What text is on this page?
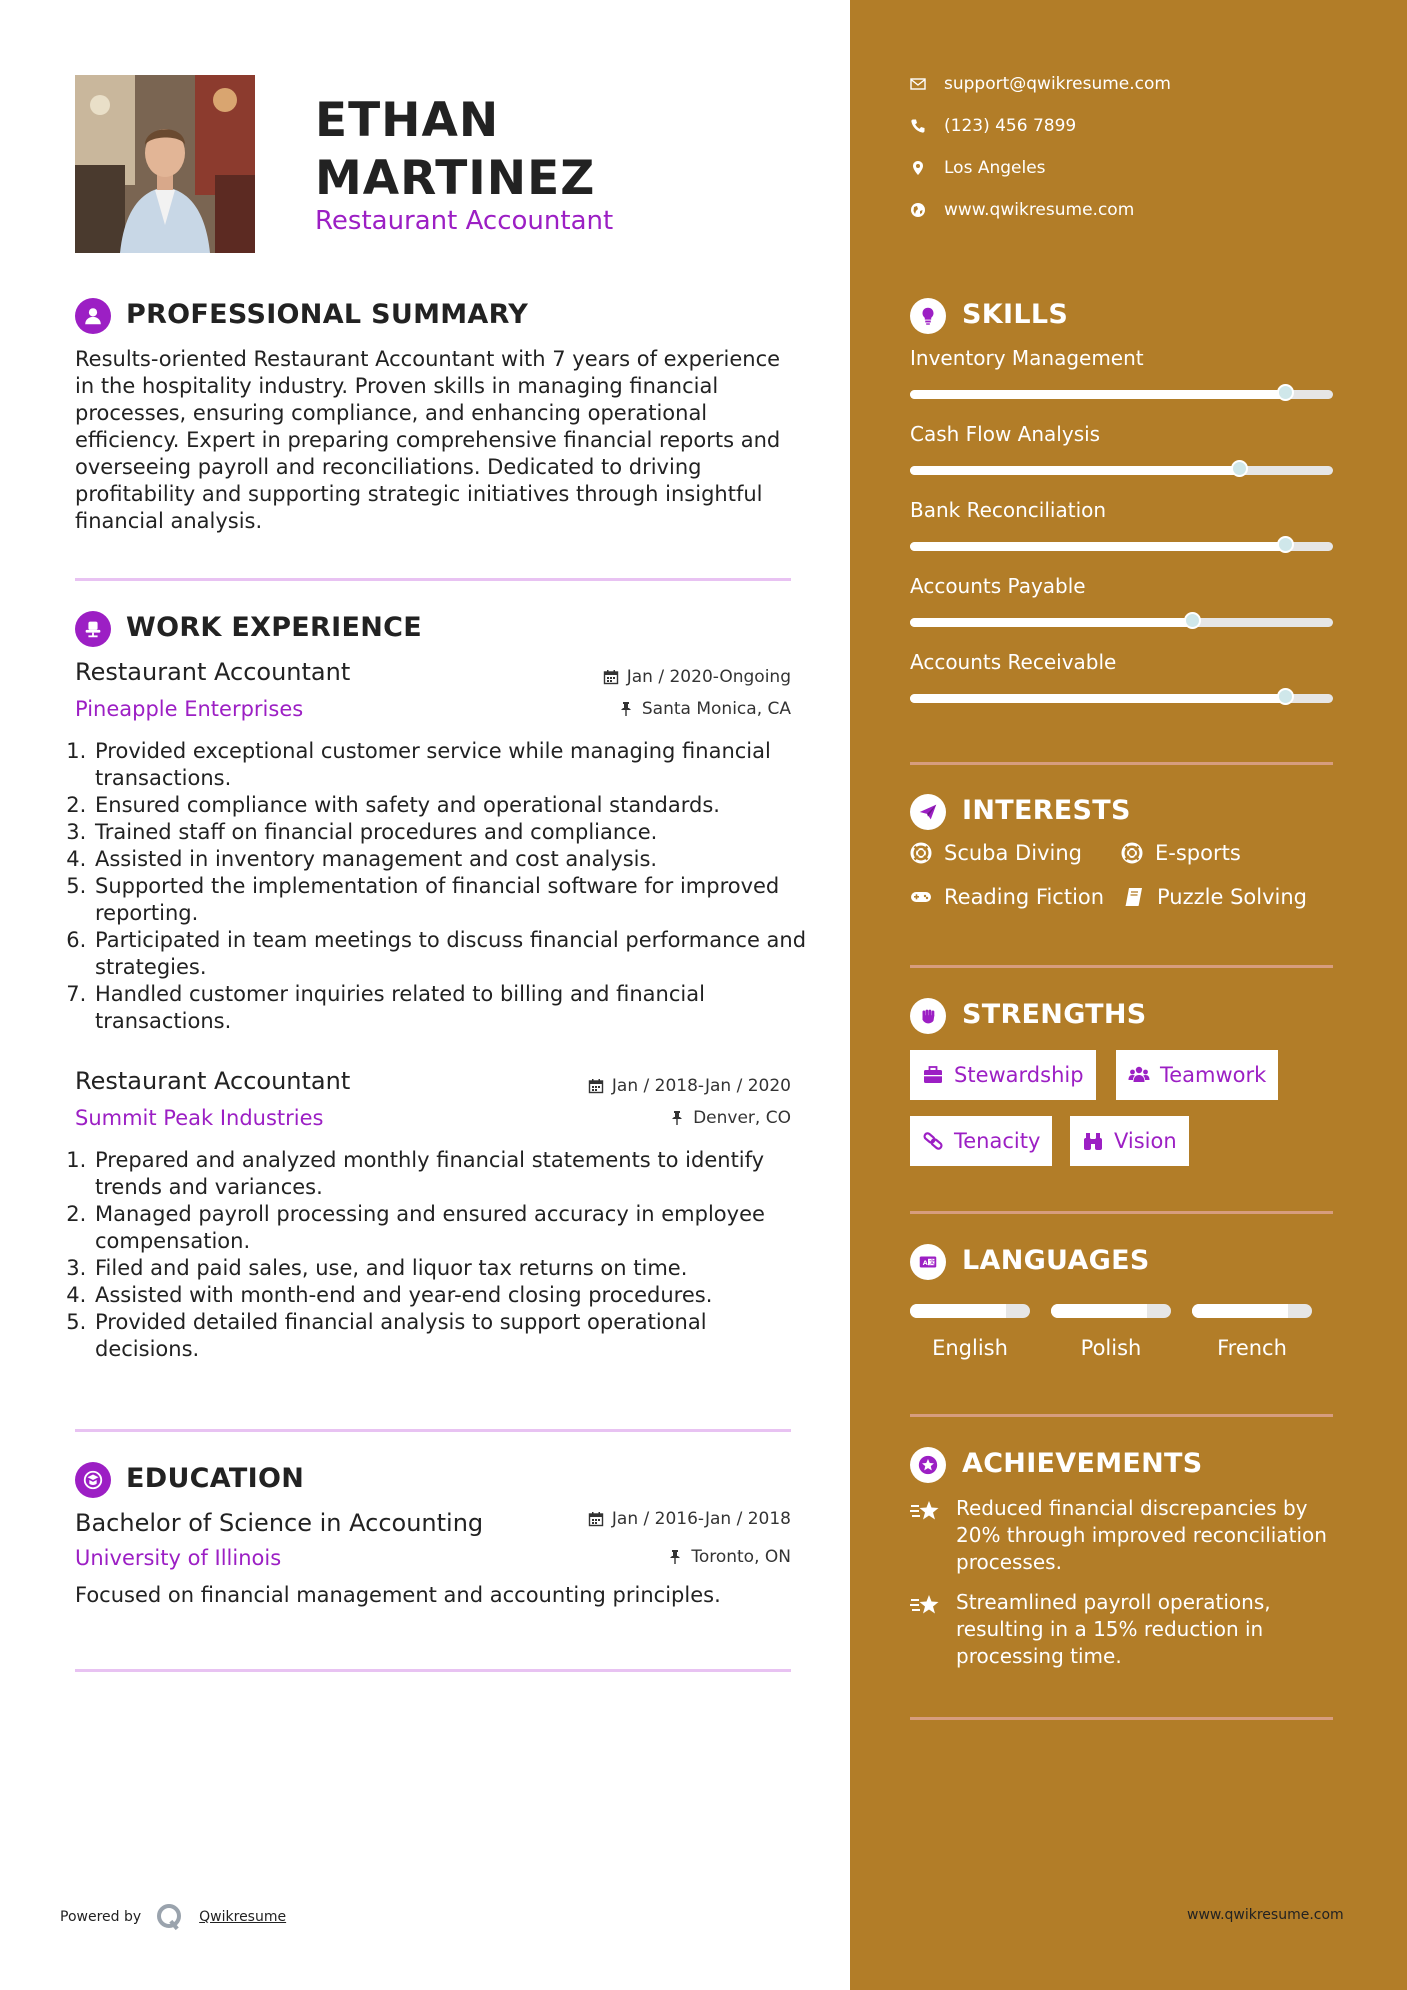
ETHAN
MARTINEZ
Restaurant Accountant
PROFESSIONAL SUMMARY

Results-oriented Restaurant Accountant with 7 years of experience in the hospitality industry. Proven skills in managing financial processes, ensuring compliance, and enhancing operational efficiency. Expert in preparing comprehensive financial reports and overseeing payroll and reconciliations. Dedicated to driving profitability and supporting strategic initiatives through insightful financial analysis.

WORK EXPERIENCE
Restaurant Accountant	Jan / 2020-Ongoing
Pineapple Enterprises	Santa Monica, CA
1. Provided exceptional customer service while managing financial transactions.
2. Ensured compliance with safety and operational standards.
3. Trained staff on financial procedures and compliance.
4. Assisted in inventory management and cost analysis.
5. Supported the implementation of financial software for improved reporting.
6. Participated in team meetings to discuss financial performance and strategies.
7. Handled customer inquiries related to billing and financial transactions.
Restaurant Accountant	Jan / 2018-Jan / 2020
Summit Peak Industries	Denver, CO
1. Prepared and analyzed monthly financial statements to identify trends and variances.
2. Managed payroll processing and ensured accuracy in employee compensation.
3. Filed and paid sales, use, and liquor tax returns on time.
4. Assisted with month-end and year-end closing procedures.
5. Provided detailed financial analysis to support operational decisions.
EDUCATION
Bachelor of Science in Accounting	Jan / 2016-Jan / 2018
University of Illinois	Toronto, ON

Focused on financial management and accounting principles.

Powered by	Qwikresume
support@qwikresume.com
(123) 456 7899
Los Angeles
www.qwikresume.com
SKILLS
Inventory Management
Cash Flow Analysis
Bank Reconciliation
Accounts Payable
Accounts Receivable
INTERESTS
Scuba Diving	E-sports
Reading Fiction	Puzzle Solving
STRENGTHS
Stewardship	Teamwork
Tenacity	Vision
A 文 LANGUAGES
English	Polish	French
ACHIEVEMENTS
Reduced financial discrepancies by 20% through improved reconciliation processes.
Streamlined payroll operations, resulting in a 15% reduction in processing time.
www.qwikresume.com
